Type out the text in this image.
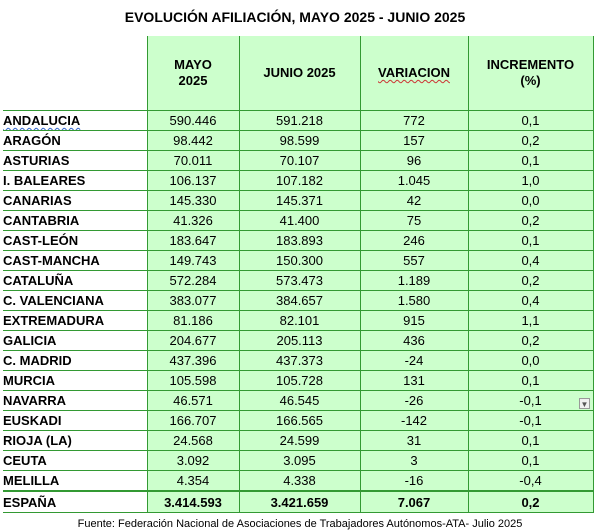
EVOLUCIÓN AFILIACIÓN, MAYO 2025 - JUNIO 2025
	MAYO 2025	JUNIO 2025	VARIACION	INCREMENTO (%)
ANDALUCIA	590.446	591.218	772	0,1
ARAGÓN	98.442	98.599	157	0,2
ASTURIAS	70.011	70.107	96	0,1
I. BALEARES	106.137	107.182	1.045	1,0
CANARIAS	145.330	145.371	42	0,0
CANTABRIA	41.326	41.400	75	0,2
CAST-LEÓN	183.647	183.893	246	0,1
CAST-MANCHA	149.743	150.300	557	0,4
CATALUÑA	572.284	573.473	1.189	0,2
C. VALENCIANA	383.077	384.657	1.580	0,4
EXTREMADURA	81.186	82.101	915	1,1
GALICIA	204.677	205.113	436	0,2
C. MADRID	437.396	437.373	-24	0,0
MURCIA	105.598	105.728	131	0,1
NAVARRA	46.571	46.545	-26	-0,1
EUSKADI	166.707	166.565	-142	-0,1
RIOJA (LA)	24.568	24.599	31	0,1
CEUTA	3.092	3.095	3	0,1
MELILLA	4.354	4.338	-16	-0,4
ESPAÑA	3.414.593	3.421.659	7.067	0,2
▼
Fuente: Federación Nacional de Asociaciones de Trabajadores Autónomos-ATA- Julio 2025
